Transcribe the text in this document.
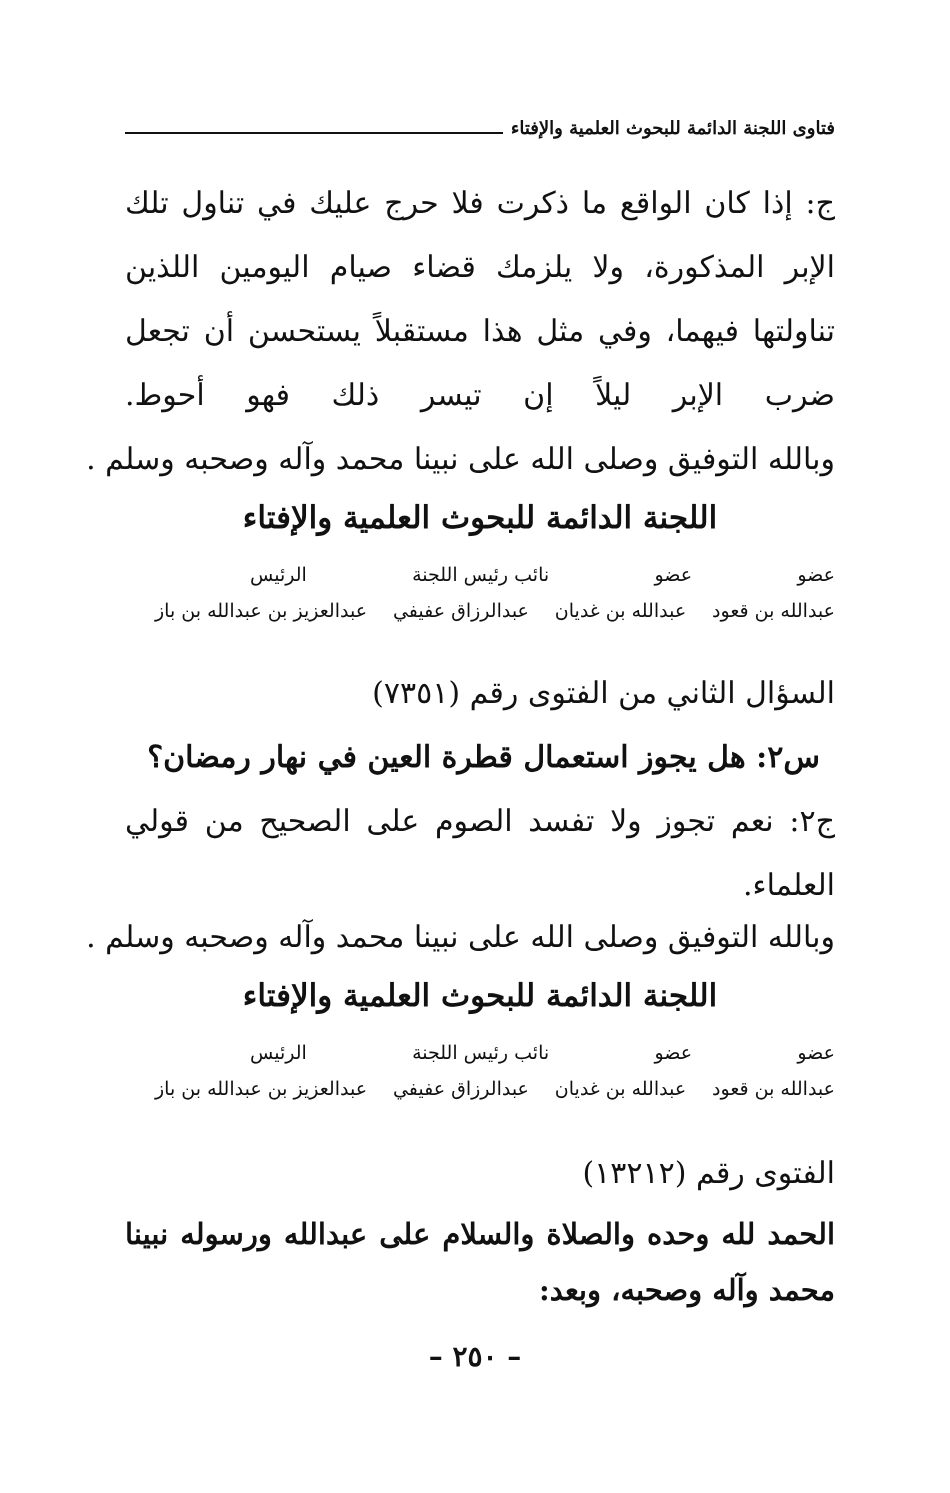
فتاوى اللجنة الدائمة للبحوث العلمية والإفتاء

ج: إذا كان الواقع ما ذكرت فلا حرج عليك في تناول تلك الإبر المذكورة، ولا يلزمك قضاء صيام اليومين اللذين تناولتها فيهما، وفي مثل هذا مستقبلاً يستحسن أن تجعل ضرب الإبر ليلاً إن تيسر ذلك فهو أحوط.

وبالله التوفيق وصلى الله على نبينا محمد وآله وصحبه وسلم .
اللجنة الدائمة للبحوث العلمية والإفتاء
عضو
عضو
نائب رئيس اللجنة
الرئيس
عبدالله بن قعود
عبدالله بن غديان
عبدالرزاق عفيفي
عبدالعزيز بن عبدالله بن باز
السؤال الثاني من الفتوى رقم (٧٣٥١)
س٢: هل يجوز استعمال قطرة العين في نهار رمضان؟

ج٢: نعم تجوز ولا تفسد الصوم على الصحيح من قولي العلماء.

وبالله التوفيق وصلى الله على نبينا محمد وآله وصحبه وسلم .
اللجنة الدائمة للبحوث العلمية والإفتاء
عضو
عضو
نائب رئيس اللجنة
الرئيس
عبدالله بن قعود
عبدالله بن غديان
عبدالرزاق عفيفي
عبدالعزيز بن عبدالله بن باز
الفتوى رقم (١٣٢١٢)

الحمد لله وحده والصلاة والسلام على عبدالله ورسوله نبينا محمد وآله وصحبه، وبعد:

– ٢٥٠ –
